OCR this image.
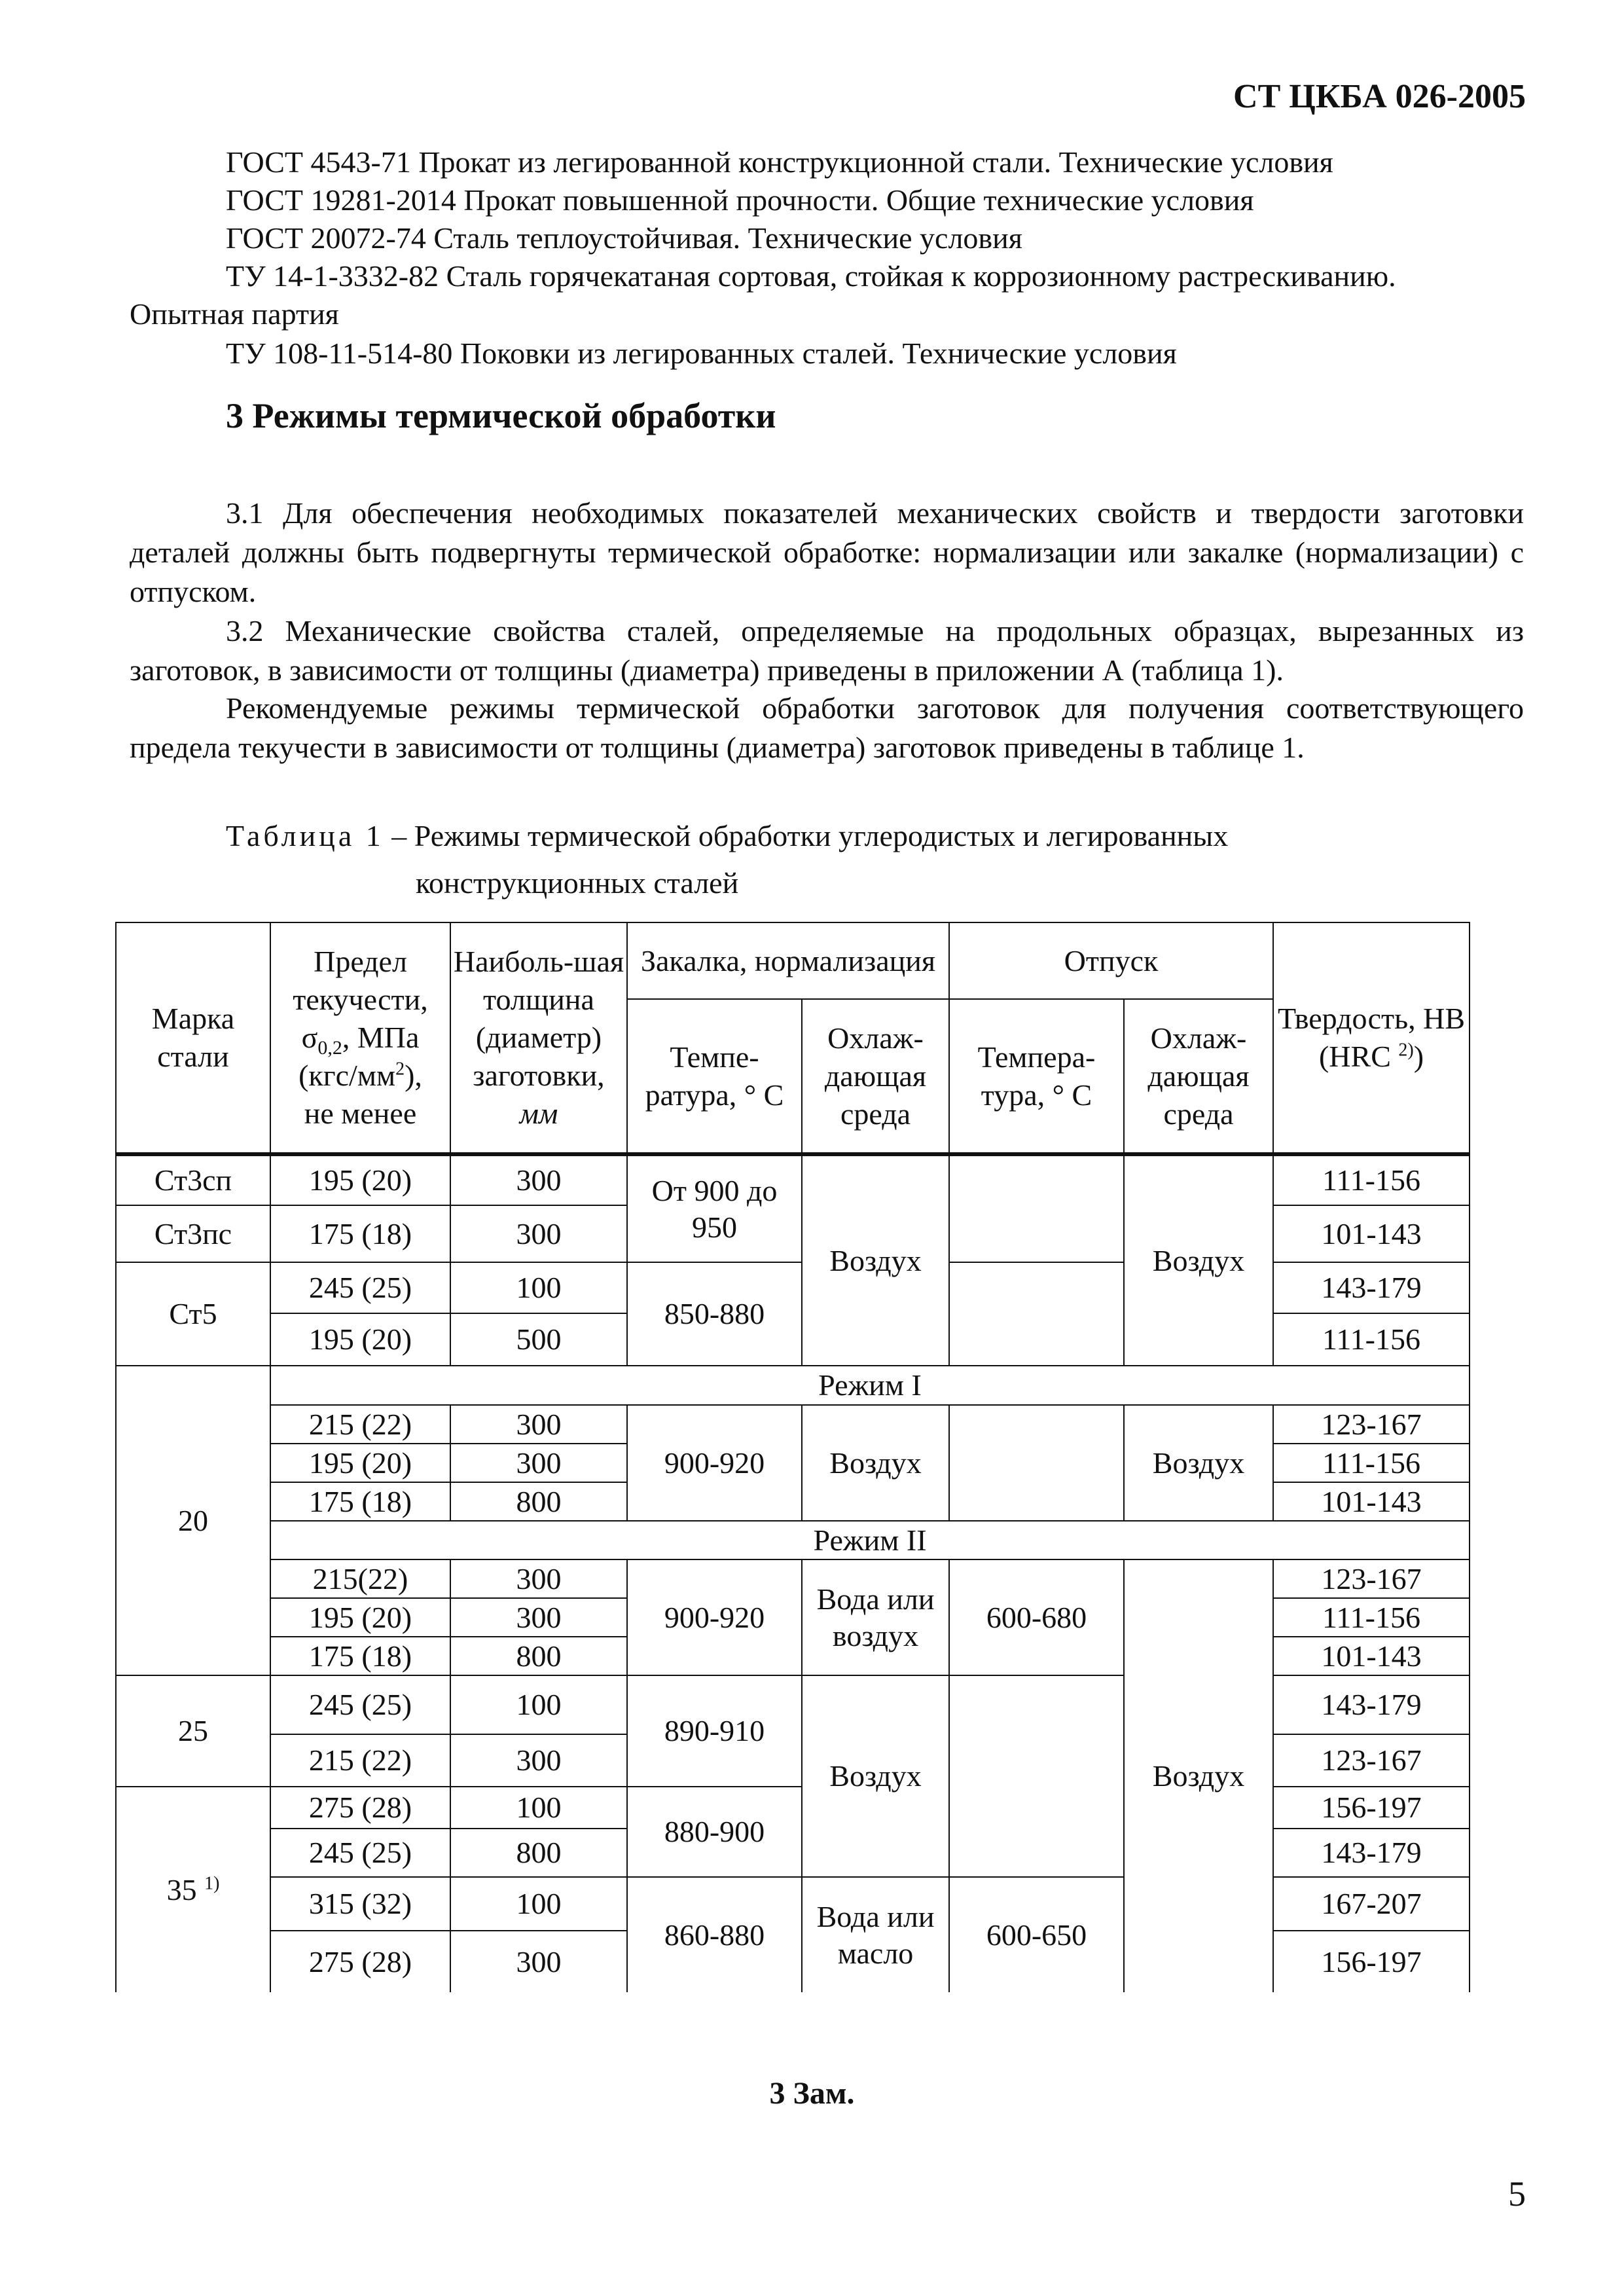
СТ ЦКБА 026-2005
ГОСТ 4543-71 Прокат из легированной конструкционной стали. Технические условия
ГОСТ 19281-2014 Прокат повышенной прочности. Общие технические условия
ГОСТ 20072-74 Сталь теплоустойчивая. Технические условия
ТУ 14-1-3332-82 Сталь горячекатаная сортовая, стойкая к коррозионному растрескиванию.
Опытная партия
ТУ 108-11-514-80 Поковки из легированных сталей. Технические условия
3 Режимы термической обработки

3.1 Для обеспечения необходимых показателей механических свойств и твердости заготовки деталей должны быть подвергнуты термической обработке: нормализации или закалке (нормализации) с отпуском.

3.2 Механические свойства сталей, определяемые на продольных образцах, вырезанных из заготовок, в зависимости от толщины (диаметра) приведены в приложении А (таблица 1).

Рекомендуемые режимы термической обработки заготовок для получения соответствующего предела текучести в зависимости от толщины (диаметра) заготовок приведены в таблице 1.

Таблица 1 – Режимы термической обработки углеродистых и легированных
конструкционных сталей
Марка стали	Предел текучести,
$\sigma_{0,2}$, МПа
$(кгс/мм^2)$,
не менее	Наиболь-шая толщина (диаметр) заготовки,
мм	Закалка, нормализация		Отпуск		Твердость, НВ
(HRC $^{2)}$)
			Темпе-ратура, ° С	Охлаж-дающая среда	Темпера-тура, ° С	Охлаж-дающая среда	

Ст3сп	195 (20)	300	От 900 до 950	Воздух		Воздух	111-156
Ст3пс	175 (18)	300					101-143
Ст5	245 (25)	100	850-880				143-179
	195 (20)	500					111-156
20	Режим I						
	215 (22)	300	900-920	Воздух		Воздух	123-167
	195 (20)	300					111-156
	175 (18)	800					101-143
	Режим II						
	215(22)	300	900-920	Вода или воздух	600-680	Воздух	123-167
	195 (20)	300					111-156
	175 (18)	800					101-143
25	245 (25)	100	890-910	Воздух			143-179
	215 (22)	300					123-167
35 $^{1)}$	275 (28)	100	880-900				156-197
	245 (25)	800					143-179
	315 (32)	100	860-880	Вода или масло	600-650		167-207
	275 (28)	300					156-197
3 Зам.
5
